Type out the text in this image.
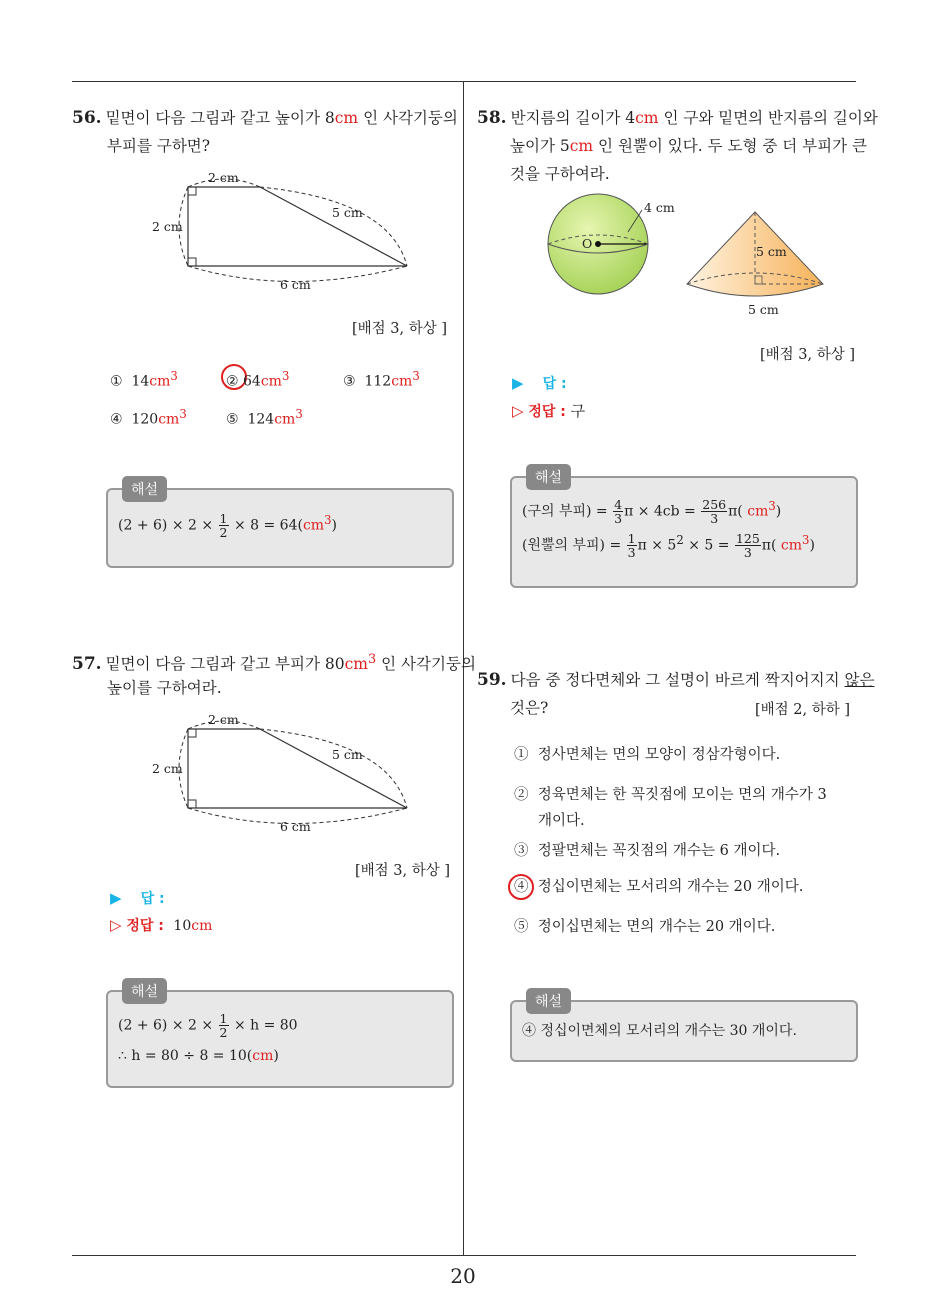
20
56. 밑면이 다음 그림과 같고 높이가 8cm 인 사각기둥의
부피를 구하면?
2 cm
2 cm
5 cm
6 cm
[배점 3, 하상 ]
① $14cm^3$	② $64cm^3$	③ $112cm^3$
④ $120cm^3$	⑤ $124cm^3$
해설
$(2 + 6) \times 2 \times \frac{1}{2} \times 8 = 64(cm^3)$
57. 밑면이 다음 그림과 같고 부피가 $80cm^3$ 인 사각기둥의
높이를 구하여라.
2 cm
2 cm
5 cm
6 cm
[배점 3, 하상 ]
▶ 답 :
▷ 정답 : 10cm
해설
$(2 + 6) \times 2 \times \frac{1}{2} \times h = 80$
∴ h = 80 ÷ 8 = 10(cm)
58. 반지름의 길이가 4cm 인 구와 밑면의 반지름의 길이와
높이가 5cm 인 원뿔이 있다. 두 도형 중 더 부피가 큰
것을 구하여라.
O
4 cm
5 cm
5 cm
[배점 3, 하상 ]
▶ 답 :
▷ 정답 : 구
해설
(구의 부피) = $\frac{4}{3}$ $\pi \times 4cb = \frac{256}{3} \pi$( $cm^3$)
(원뿔의 부피) = $\frac{1}{3}$ $\pi \times 5^2 \times 5 = \frac{125}{3} \pi$( $cm^3$)
59. 다음 중 정다면체와 그 설명이 바르게 짝지어지지 않은
것은?	[배점 2, 하하 ]
① 정사면체는 면의 모양이 정삼각형이다.
② 정육면체는 한 꼭짓점에 모이는 면의 개수가 3
개이다.
③ 정팔면체는 꼭짓점의 개수는 6 개이다.
④ 정십이면체는 모서리의 개수는 20 개이다.
⑤ 정이십면체는 면의 개수는 20 개이다.
해설
④ 정십이면체의 모서리의 개수는 30 개이다.
